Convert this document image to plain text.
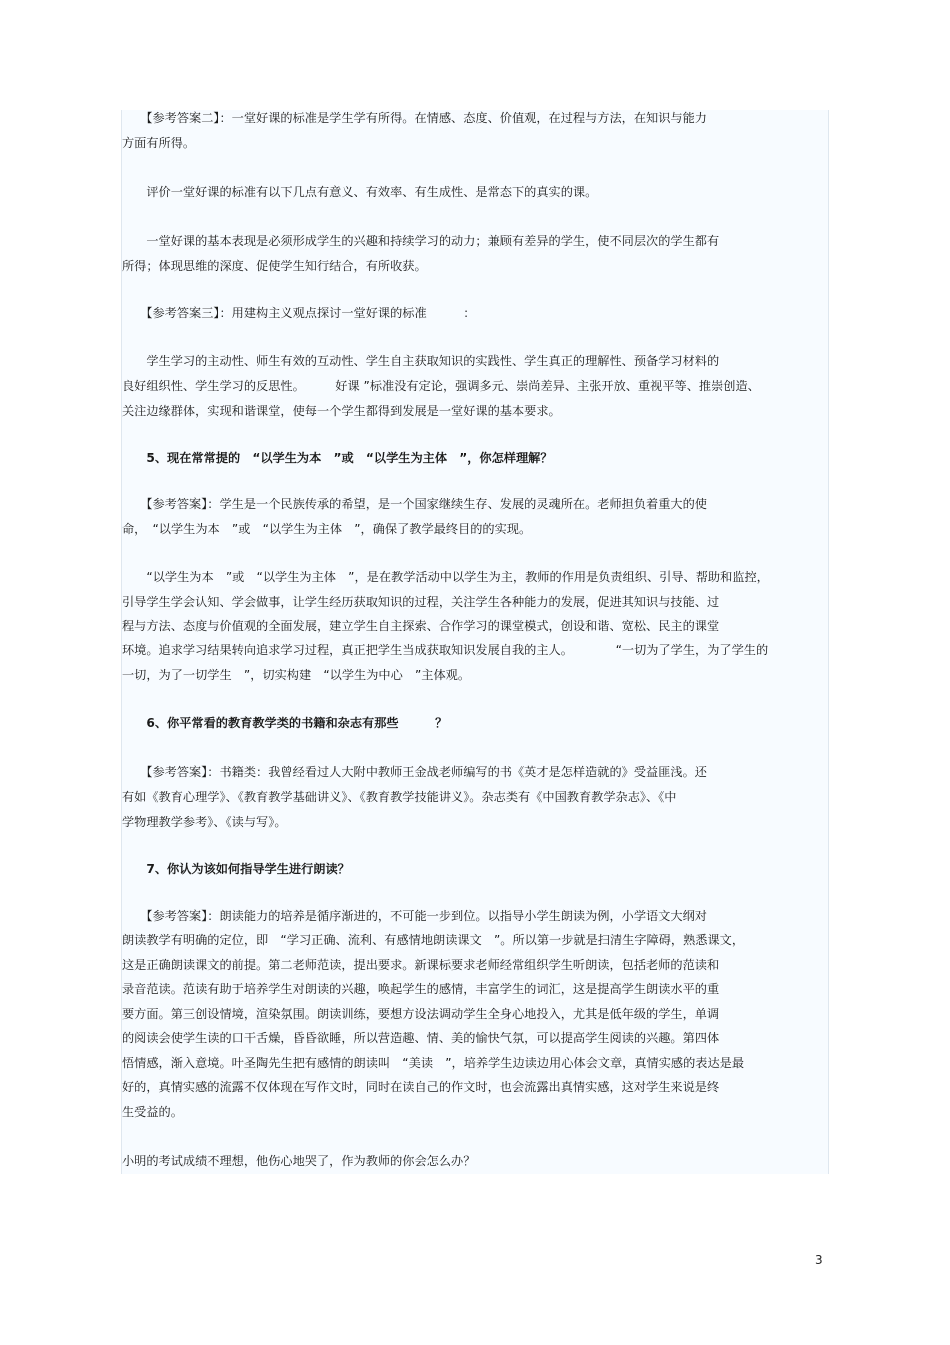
　　【参考答案二】：一堂好课的标准是学生学有所得。在情感、态度、价值观，在过程与方法，在知识与能力
方面有所得。
　　评价一堂好课的标准有以下几点有意义、有效率、有生成性、是常态下的真实的课。
　　一堂好课的基本表现是必须形成学生的兴趣和持续学习的动力；兼顾有差异的学生，使不同层次的学生都有
所得；体现思维的深度、促使学生知行结合，有所收获。
　　【参考答案三】：用建构主义观点探讨一堂好课的标准　　　：
　　学生学习的主动性、师生有效的互动性、学生自主获取知识的实践性、学生真正的理解性、预备学习材料的
良好组织性、学生学习的反思性。　　　好课 ”标准没有定论，强调多元、崇尚差异、主张开放、重视平等、推崇创造、
关注边缘群体，实现和谐课堂，使每一个学生都得到发展是一堂好课的基本要求。
　　5、现在常常提的　“以学生为本　”或　“以学生为主体　”，你怎样理解？
　　【参考答案】：学生是一个民族传承的希望，是一个国家继续生存、发展的灵魂所在。老师担负着重大的使
命，　“以学生为本　”或　“以学生为主体　”，确保了教学最终目的的实现。
　　“以学生为本　”或　“以学生为主体　”，是在教学活动中以学生为主，教师的作用是负责组织、引导、帮助和监控，
引导学生学会认知、学会做事，让学生经历获取知识的过程，关注学生各种能力的发展，促进其知识与技能、过
程与方法、态度与价值观的全面发展，建立学生自主探索、合作学习的课堂模式，创设和谐、宽松、民主的课堂
环境。追求学习结果转向追求学习过程，真正把学生当成获取知识发展自我的主人。　　　　“一切为了学生，为了学生的
一切，为了一切学生　”，切实构建　“以学生为中心　”主体观。
　　6、你平常看的教育教学类的书籍和杂志有那些　　　？
　　【参考答案】：书籍类：我曾经看过人大附中教师王金战老师编写的书《英才是怎样造就的》受益匪浅。还
有如《教育心理学》、《教育教学基础讲义》、《教育教学技能讲义》。杂志类有《中国教育教学杂志》、《中
学物理教学参考》、《读与写》。
　　7、你认为该如何指导学生进行朗读？
　　【参考答案】：朗读能力的培养是循序渐进的，不可能一步到位。以指导小学生朗读为例，小学语文大纲对
朗读教学有明确的定位，即　“学习正确、流利、有感情地朗读课文　”。所以第一步就是扫清生字障碍，熟悉课文，
这是正确朗读课文的前提。第二老师范读，提出要求。新课标要求老师经常组织学生听朗读，包括老师的范读和
录音范读。范读有助于培养学生对朗读的兴趣，唤起学生的感情，丰富学生的词汇，这是提高学生朗读水平的重
要方面。第三创设情境，渲染氛围。朗读训练，要想方设法调动学生全身心地投入，尤其是低年级的学生，单调
的阅读会使学生读的口干舌燥，昏昏欲睡，所以营造趣、情、美的愉快气氛，可以提高学生阅读的兴趣。第四体
悟情感，渐入意境。叶圣陶先生把有感情的朗读叫　“美读　”，培养学生边读边用心体会文章，真情实感的表达是最
好的，真情实感的流露不仅体现在写作文时，同时在读自己的作文时，也会流露出真情实感，这对学生来说是终
生受益的。
小明的考试成绩不理想，他伤心地哭了，作为教师的你会怎么办？
3
